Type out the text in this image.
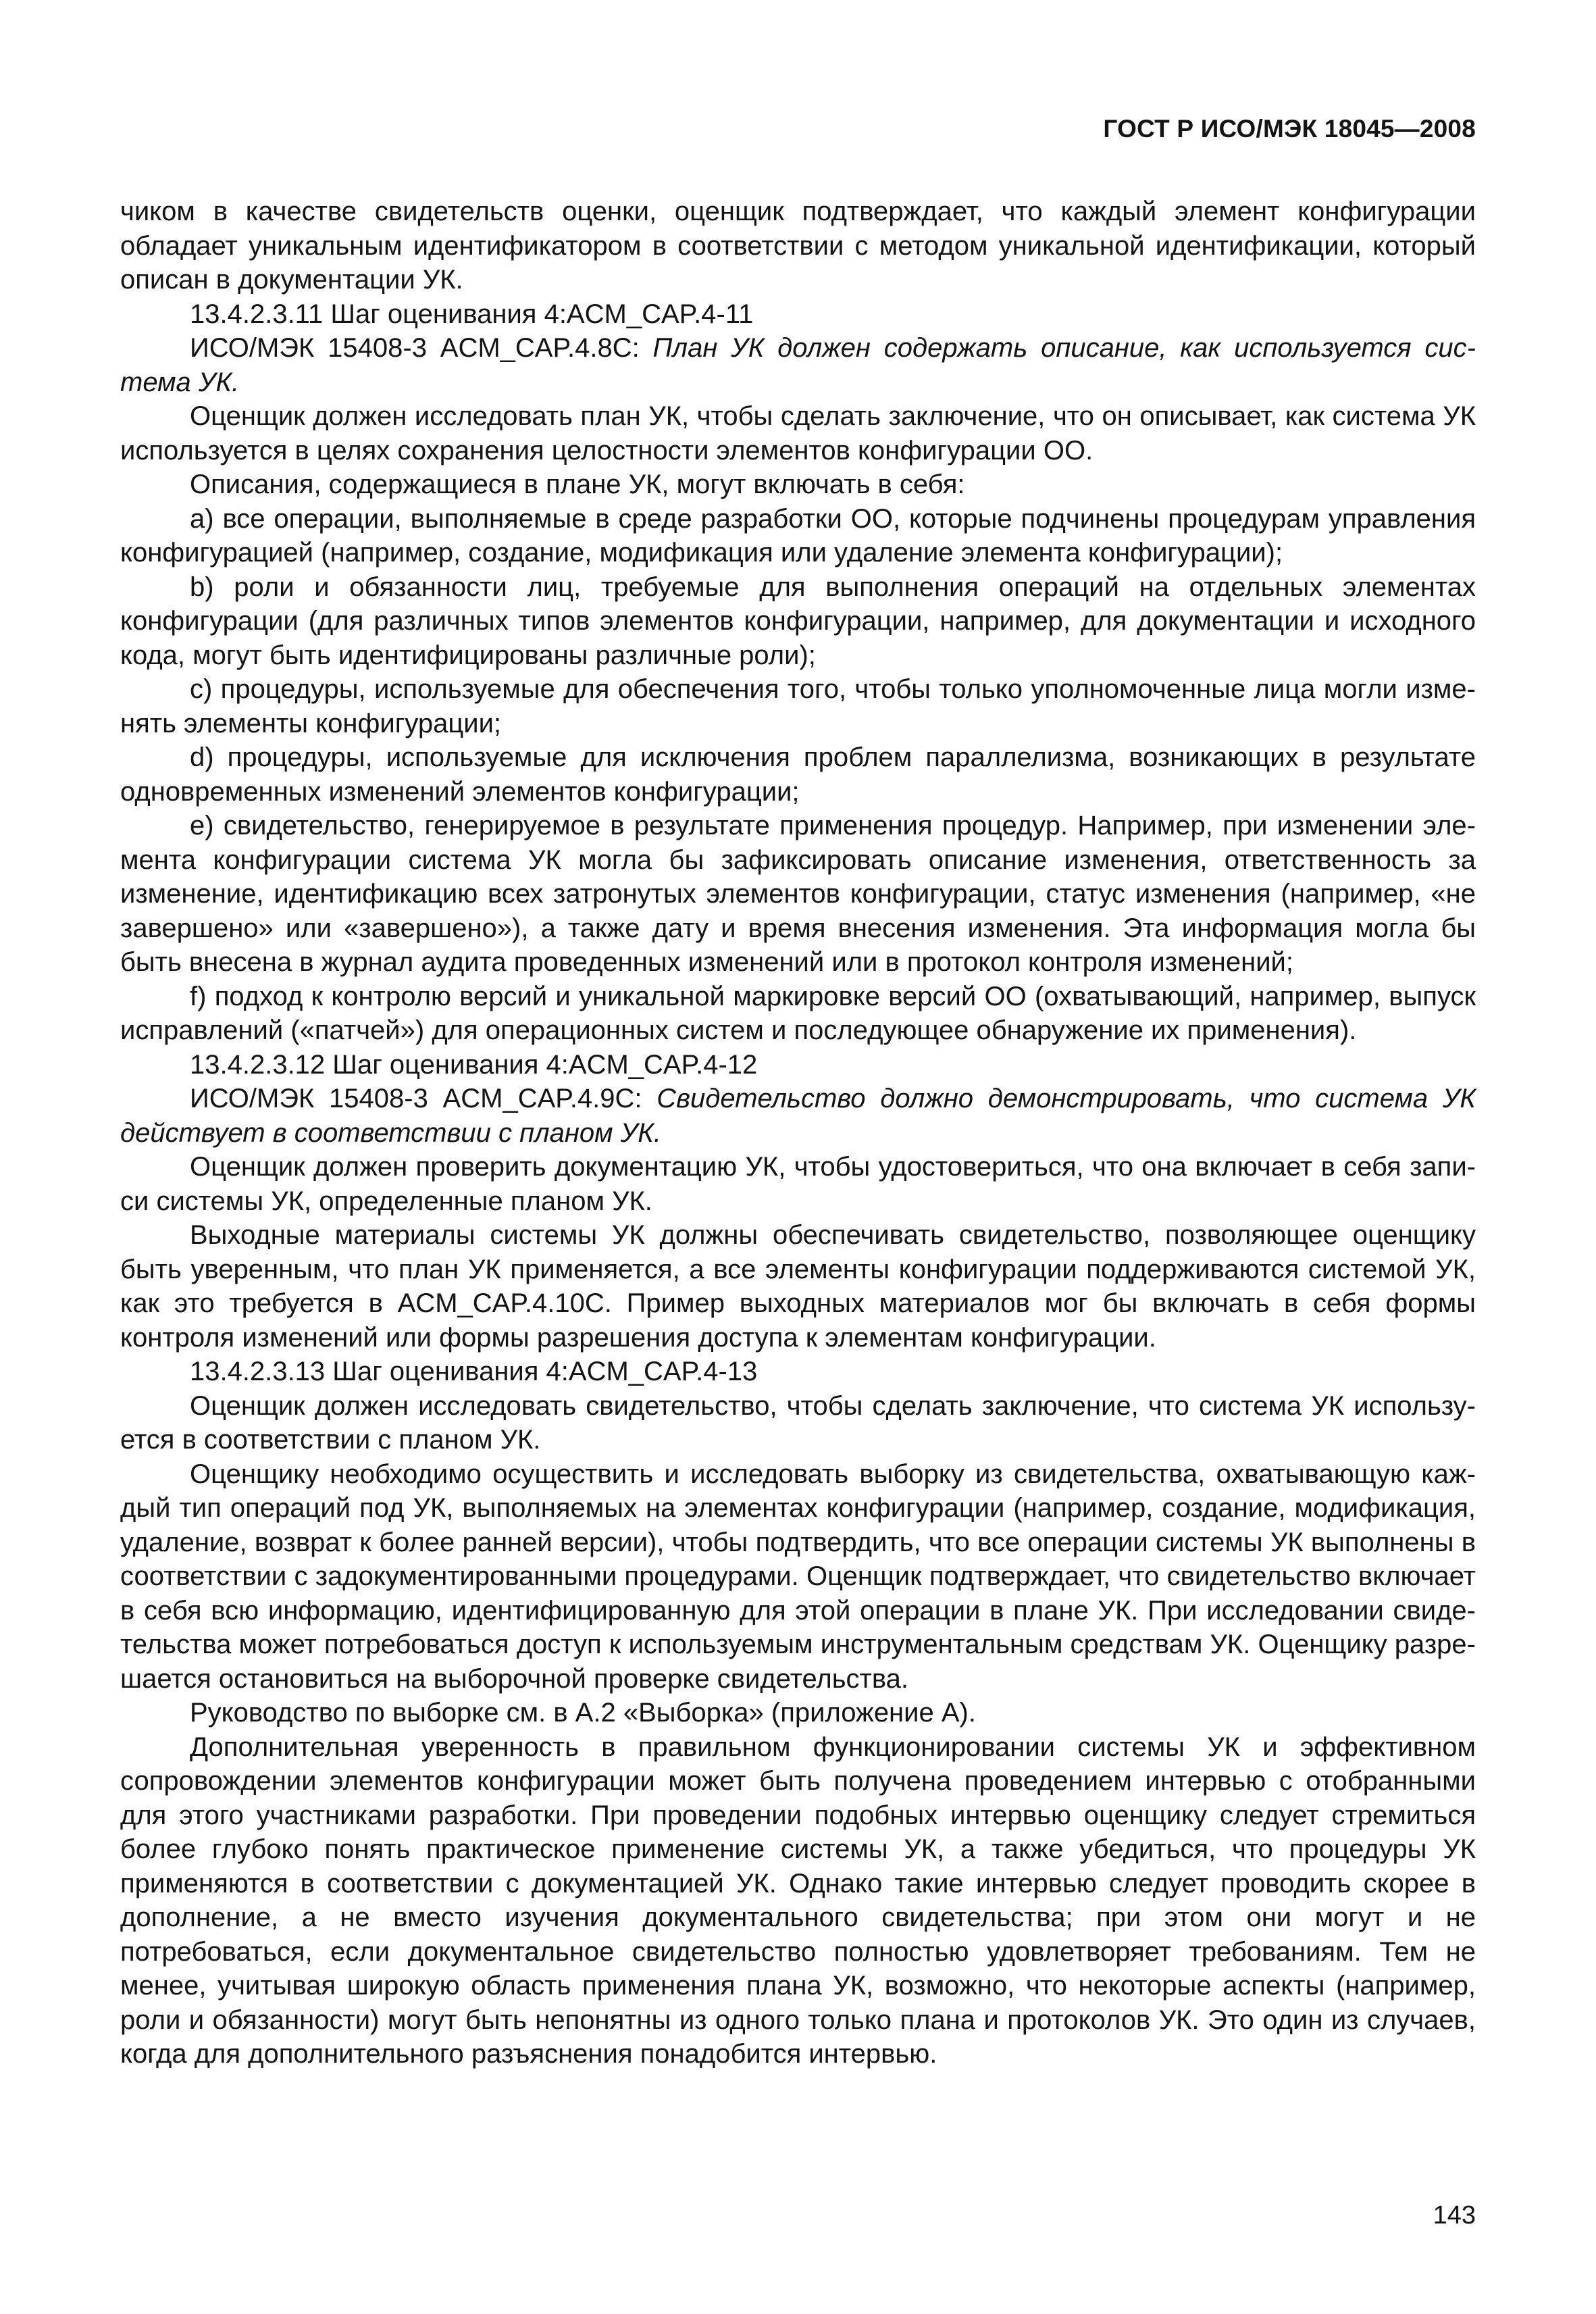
ГОСТ Р ИСО/МЭК 18045—2008

чиком в качестве свидетельств оценки, оценщик подтверждает, что каждый элемент конфигурации обладает уникальным идентификатором в соответствии с методом уникальной идентификации, который описан в документации УК.

13.4.2.3.11 Шаг оценивания 4:ACM_CAP.4-11

ИСО/МЭК 15408-3 ACM_CAP.4.8C: План УК должен содержать описание, как используется система УК.

Оценщик должен исследовать план УК, чтобы сделать заключение, что он описывает, как система УК используется в целях сохранения целостности элементов конфигурации ОО.

Описания, содержащиеся в плане УК, могут включать в себя:

a) все операции, выполняемые в среде разработки ОО, которые подчинены процедурам управления конфигурацией (например, создание, модификация или удаление элемента конфигурации);

b) роли и обязанности лиц, требуемые для выполнения операций на отдельных элементах конфигурации (для различных типов элементов конфигурации, например, для документации и исходного кода, могут быть идентифицированы различные роли);

c) процедуры, используемые для обеспечения того, чтобы только уполномоченные лица могли изменять элементы конфигурации;

d) процедуры, используемые для исключения проблем параллелизма, возникающих в результате одновременных изменений элементов конфигурации;

e) свидетельство, генерируемое в результате применения процедур. Например, при изменении элемента конфигурации система УК могла бы зафиксировать описание изменения, ответственность за изменение, идентификацию всех затронутых элементов конфигурации, статус изменения (например, «не завершено» или «завершено»), а также дату и время внесения изменения. Эта информация могла бы быть внесена в журнал аудита проведенных изменений или в протокол контроля изменений;

f) подход к контролю версий и уникальной маркировке версий ОО (охватывающий, например, выпуск исправлений («патчей») для операционных систем и последующее обнаружение их применения).

13.4.2.3.12 Шаг оценивания 4:ACM_CAP.4-12

ИСО/МЭК 15408-3 ACM_CAP.4.9C: Свидетельство должно демонстрировать, что система УК действует в соответствии с планом УК.

Оценщик должен проверить документацию УК, чтобы удостовериться, что она включает в себя записи системы УК, определенные планом УК.

Выходные материалы системы УК должны обеспечивать свидетельство, позволяющее оценщику быть уверенным, что план УК применяется, а все элементы конфигурации поддерживаются системой УК, как это требуется в ACM_CAP.4.10C. Пример выходных материалов мог бы включать в себя формы контроля изменений или формы разрешения доступа к элементам конфигурации.

13.4.2.3.13 Шаг оценивания 4:ACM_CAP.4-13

Оценщик должен исследовать свидетельство, чтобы сделать заключение, что система УК используется в соответствии с планом УК.

Оценщику необходимо осуществить и исследовать выборку из свидетельства, охватывающую каждый тип операций под УК, выполняемых на элементах конфигурации (например, создание, модификация, удаление, возврат к более ранней версии), чтобы подтвердить, что все операции системы УК выполнены в соответствии с задокументированными процедурами. Оценщик подтверждает, что свидетельство включает в себя всю информацию, идентифицированную для этой операции в плане УК. При исследовании свидетельства может потребоваться доступ к используемым инструментальным средствам УК. Оценщику разрешается остановиться на выборочной проверке свидетельства.

Руководство по выборке см. в А.2 «Выборка» (приложение А).

Дополнительная уверенность в правильном функционировании системы УК и эффективном сопровождении элементов конфигурации может быть получена проведением интервью с отобранными для этого участниками разработки. При проведении подобных интервью оценщику следует стремиться более глубоко понять практическое применение системы УК, а также убедиться, что процедуры УК применяются в соответствии с документацией УК. Однако такие интервью следует проводить скорее в дополнение, а не вместо изучения документального свидетельства; при этом они могут и не потребоваться, если документальное свидетельство полностью удовлетворяет требованиям. Тем не менее, учитывая широкую область применения плана УК, возможно, что некоторые аспекты (например, роли и обязанности) могут быть непонятны из одного только плана и протоколов УК. Это один из случаев, когда для дополнительного разъяснения понадобится интервью.

143
